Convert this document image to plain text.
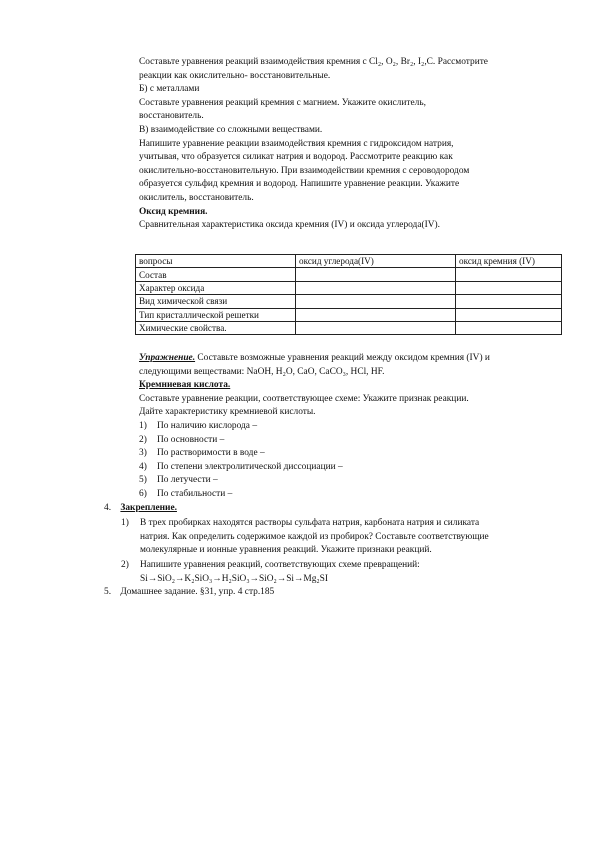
Составьте уравнения реакций взаимодействия кремния с Cl₂, O₂, Br₂, I₂,C. Рассмотрите
реакции как окислительно- восстановительные.
Б) с металлами
Составьте уравнения реакций кремния с магнием. Укажите окислитель,
восстановитель.
В) взаимодействие со сложными веществами.
Напишите уравнение реакции взаимодействия кремния с гидроксидом натрия,
учитывая, что образуется силикат натрия и водород. Рассмотрите реакцию как
окислительно-восстановительную. При взаимодействии кремния с сероводородом
образуется сульфид кремния и водород. Напишите уравнение реакции. Укажите
окислитель, восстановитель.
Оксид кремния.
Сравнительная характеристика оксида кремния (IV) и оксида углерода(IV).
вопросы	оксид углерода(IV)	оксид кремния (IV)
Состав		
Характер оксида		
Вид химической связи		
Тип кристаллической решетки		
Химические свойства.		
Упражнение. Составьте возможные уравнения реакций между оксидом кремния (IV) и
следующими веществами: NaOH, H₂O, CaO, CaCO₃, HCl, HF.
Кремниевая кислота.
Составьте уравнение реакции, соответствующее схеме: Укажите признак реакции.
Дайте характеристику кремниевой кислоты.
1) По наличию кислорода –
2) По основности –
3) По растворимости в воде –
4) По степени электролитической диссоциации –
5) По летучести –
6) По стабильности –
4. Закрепление.
1) В трех пробирках находятся растворы сульфата натрия, карбоната натрия и силиката
натрия. Как определить содержимое каждой из пробирок? Составьте соответствующие
молекулярные и ионные уравнения реакций. Укажите признаки реакций.
2) Напишите уравнения реакций, соответствующих схеме превращений:
Si→SiO₂→K₂SiO₃→H₂SiO₃→SiO₂→Si→Mg₂SI
5. Домашнее задание. §31, упр. 4 стр.185
